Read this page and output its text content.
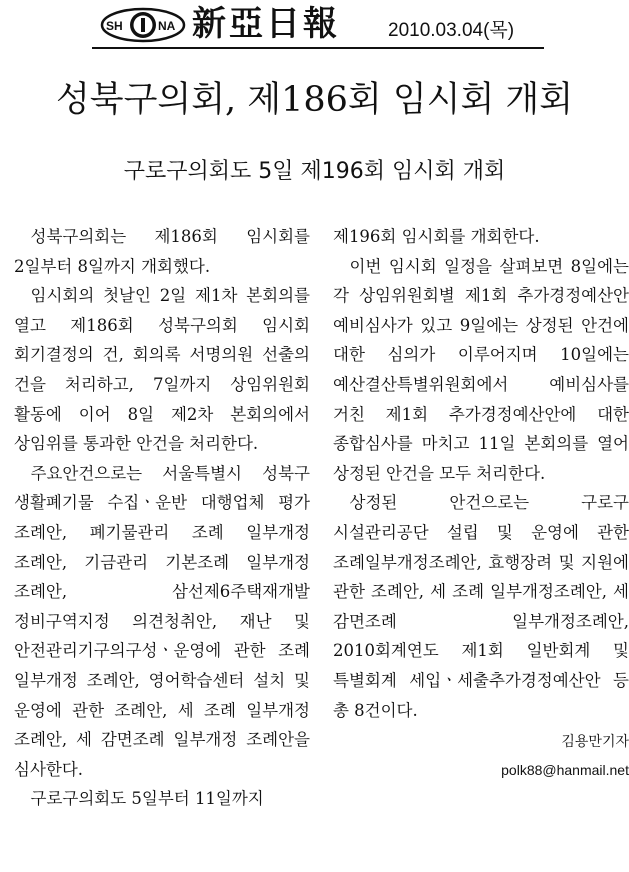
SH	NA 新亞日報	2010.03.04(목)
성북구의회, 제186회 임시회 개회
구로구의회도 5일 제196회 임시회 개회

성북구의회는 제186회 임시회를 2일부터 8일까지 개회했다.

임시회의 첫날인 2일 제1차 본회의를 열고 제186회 성북구의회 임시회 회기결정의 건, 회의록 서명의원 선출의 건을 처리하고, 7일까지 상임위원회 활동에 이어 8일 제2차 본회의에서 상임위를 통과한 안건을 처리한다.

주요안건으로는 서울특별시 성북구 생활폐기물 수집ㆍ운반 대행업체 평가 조례안, 폐기물관리 조례 일부개정 조례안, 기금관리 기본조례 일부개정 조례안, 삼선제6주택재개발 정비구역지정 의견청취안, 재난 및 안전관리기구의구성ㆍ운영에 관한 조례 일부개정 조례안, 영어학습센터 설치 및 운영에 관한 조례안, 세 조례 일부개정 조례안, 세 감면조례 일부개정 조례안을 심사한다.

구로구의회도 5일부터 11일까지

제196회 임시회를 개회한다.

이번 임시회 일정을 살펴보면 8일에는 각 상임위원회별 제1회 추가경정예산안 예비심사가 있고 9일에는 상정된 안건에 대한 심의가 이루어지며 10일에는 예산결산특별위원회에서 예비심사를 거친 제1회 추가경정예산안에 대한 종합심사를 마치고 11일 본회의를 열어 상정된 안건을 모두 처리한다.

상정된 안건으로는 구로구 시설관리공단 설립 및 운영에 관한 조례일부개정조례안, 효행장려 및 지원에 관한 조례안, 세 조례 일부개정조례안, 세 감면조례 일부개정조례안, 2010회계연도 제1회 일반회계 및 특별회계 세입ㆍ세출추가경정예산안 등 총 8건이다.

김용만기자
polk88@hanmail.net
